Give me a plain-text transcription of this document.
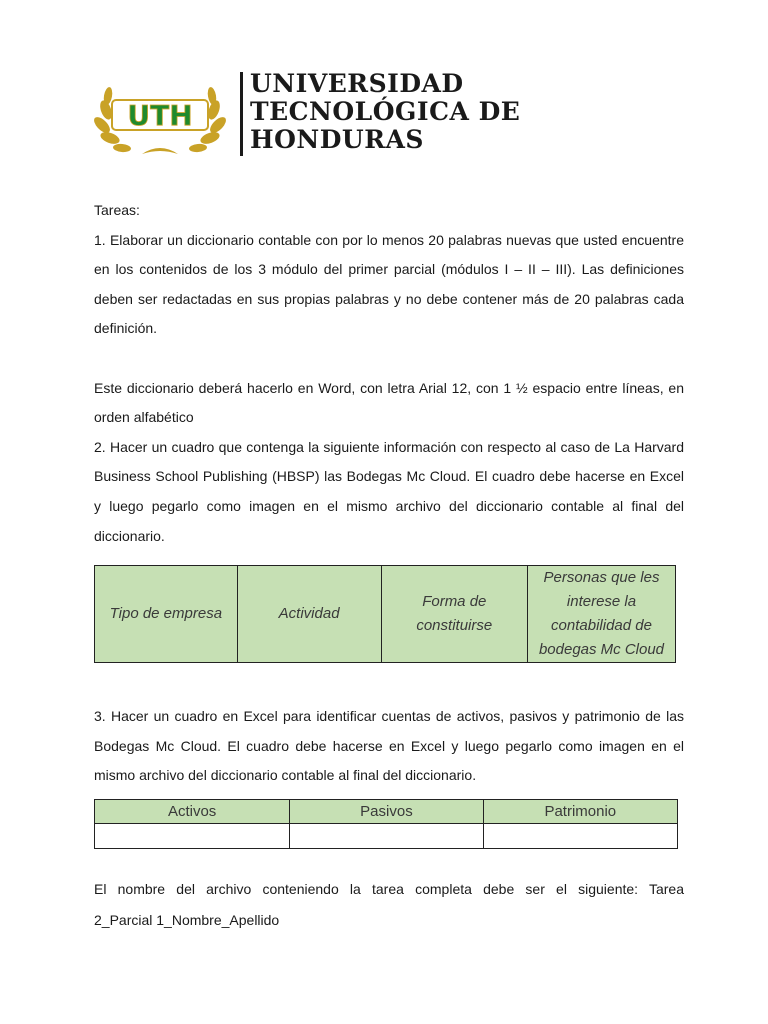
UTH
UNIVERSIDAD
TECNOLÓGICA DE
HONDURAS

Tareas:

1. Elaborar un diccionario contable con por lo menos 20 palabras nuevas que usted encuentre en los contenidos de los 3 módulo del primer parcial (módulos I – II – III). Las definiciones deben ser redactadas en sus propias palabras y no debe contener más de 20 palabras cada definición.

Este diccionario deberá hacerlo en Word, con letra Arial 12, con 1 ½ espacio entre líneas, en orden alfabético

2. Hacer un cuadro que contenga la siguiente información con respecto al caso de La Harvard Business School Publishing (HBSP) las Bodegas Mc Cloud. El cuadro debe hacerse en Excel y luego pegarlo como imagen en el mismo archivo del diccionario contable al final del diccionario.

Tipo de empresa	Actividad	Forma de constituirse	Personas que les interese la contabilidad de bodegas Mc Cloud

3. Hacer un cuadro en Excel para identificar cuentas de activos, pasivos y patrimonio de las Bodegas Mc Cloud. El cuadro debe hacerse en Excel y luego pegarlo como imagen en el mismo archivo del diccionario contable al final del diccionario.

Activos	Pasivos	Patrimonio

El nombre del archivo conteniendo la tarea completa debe ser el siguiente: Tarea
2_Parcial 1_Nombre_Apellido
